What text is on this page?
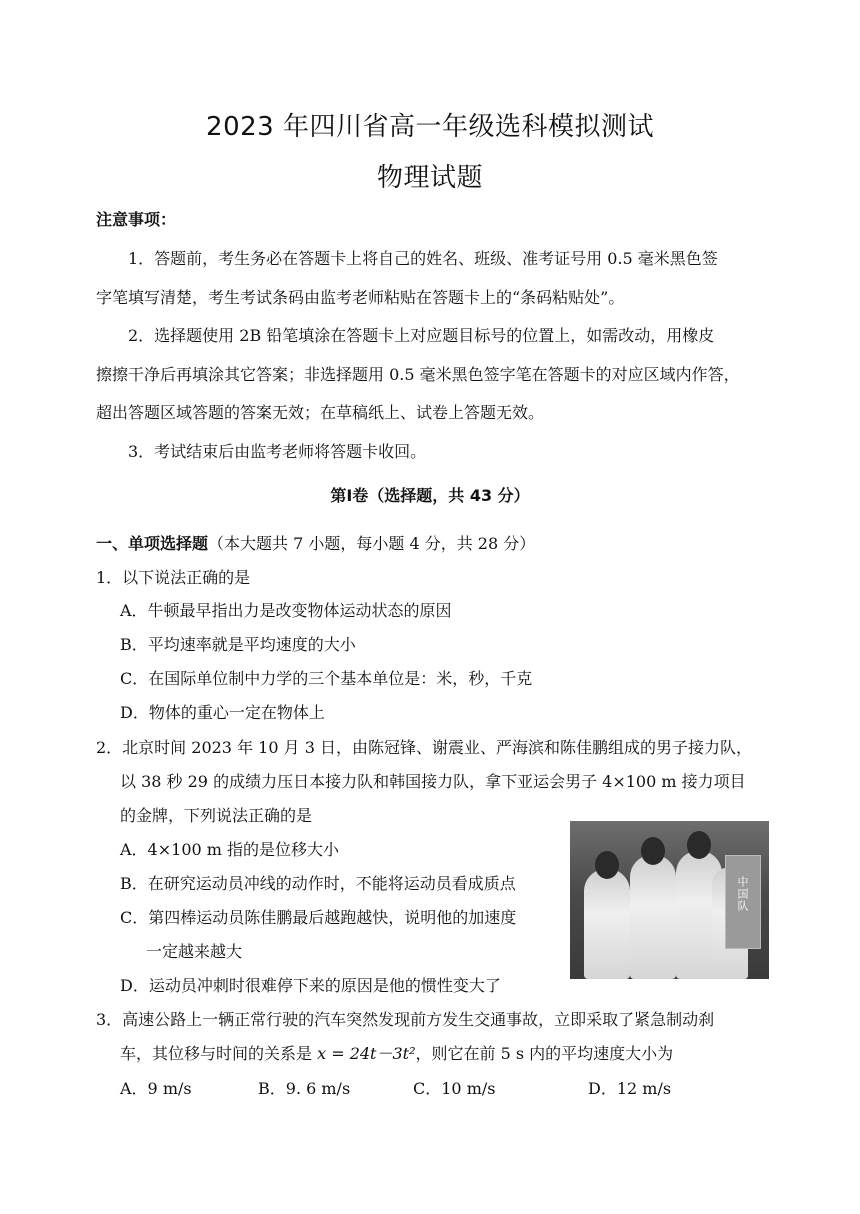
2023 年四川省高一年级选科模拟测试
物理试题
注意事项：
1．答题前，考生务必在答题卡上将自己的姓名、班级、准考证号用 0.5 毫米黑色签
字笔填写清楚，考生考试条码由监考老师粘贴在答题卡上的“条码粘贴处”。
2．选择题使用 2B 铅笔填涂在答题卡上对应题目标号的位置上，如需改动，用橡皮
擦擦干净后再填涂其它答案；非选择题用 0.5 毫米黑色签字笔在答题卡的对应区域内作答，
超出答题区域答题的答案无效；在草稿纸上、试卷上答题无效。
3．考试结束后由监考老师将答题卡收回。
第Ⅰ卷（选择题，共 43 分）
一、单项选择题（本大题共 7 小题，每小题 4 分，共 28 分）
1．以下说法正确的是
A．牛顿最早指出力是改变物体运动状态的原因
B．平均速率就是平均速度的大小
C．在国际单位制中力学的三个基本单位是：米，秒，千克
D．物体的重心一定在物体上
2．北京时间 2023 年 10 月 3 日，由陈冠锋、谢震业、严海滨和陈佳鹏组成的男子接力队，
以 38 秒 29 的成绩力压日本接力队和韩国接力队，拿下亚运会男子 4×100 m 接力项目
的金牌，下列说法正确的是
A．4×100 m 指的是位移大小
B．在研究运动员冲线的动作时，不能将运动员看成质点
C．第四棒运动员陈佳鹏最后越跑越快，说明他的加速度
一定越来越大
D．运动员冲刺时很难停下来的原因是他的惯性变大了
中国队
3．高速公路上一辆正常行驶的汽车突然发现前方发生交通事故，立即采取了紧急制动刹
车，其位移与时间的关系是 x = 24t－3t²，则它在前 5 s 内的平均速度大小为
A．9 m/s	B．9. 6 m/s	C．10 m/s	D．12 m/s
